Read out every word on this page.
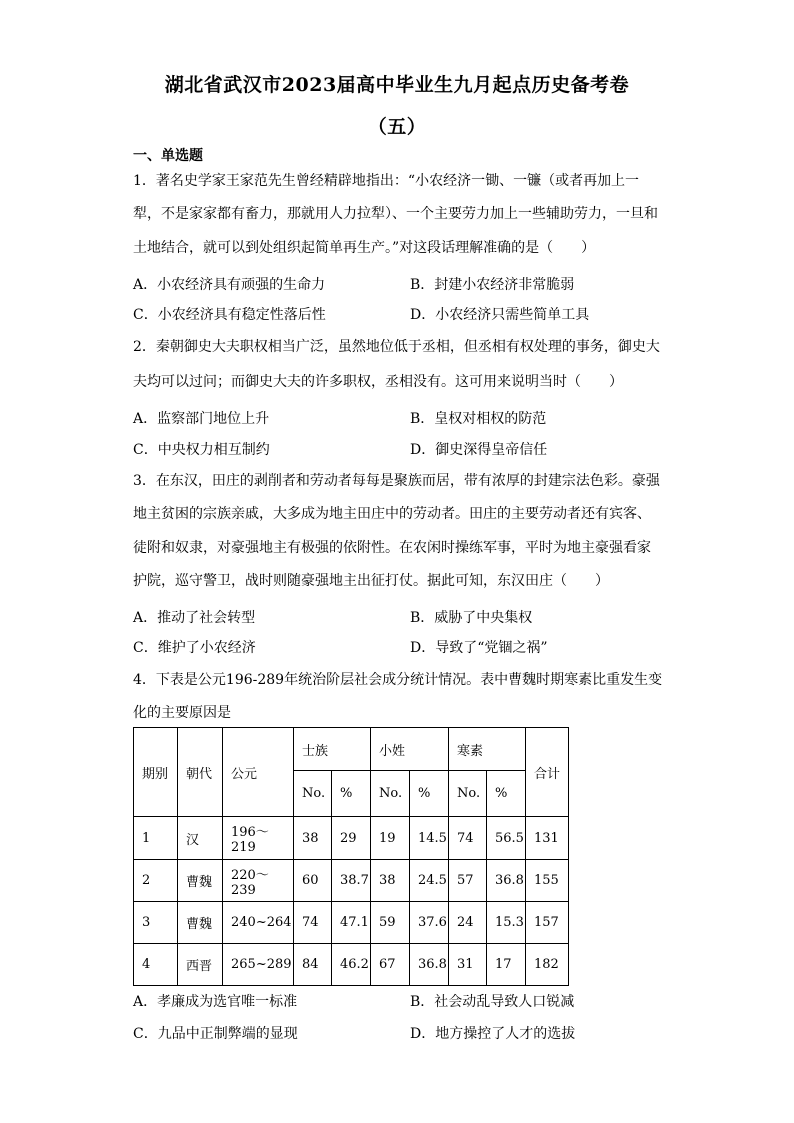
湖北省武汉市2023届高中毕业生九月起点历史备考卷
（五）
一、单选题
1．著名史学家王家范先生曾经精辟地指出：“小农经济一锄、一镰（或者再加上一
犁，不是家家都有畜力，那就用人力拉犁）、一个主要劳力加上一些辅助劳力，一旦和
土地结合，就可以到处组织起简单再生产。”对这段话理解准确的是（　　）
A．小农经济具有顽强的生命力	B．封建小农经济非常脆弱
C．小农经济具有稳定性落后性	D．小农经济只需些简单工具
2．秦朝御史大夫职权相当广泛，虽然地位低于丞相，但丞相有权处理的事务，御史大
夫均可以过问；而御史大夫的许多职权，丞相没有。这可用来说明当时（　　）
A．监察部门地位上升	B．皇权对相权的防范
C．中央权力相互制约	D．御史深得皇帝信任
3．在东汉，田庄的剥削者和劳动者每每是聚族而居，带有浓厚的封建宗法色彩。豪强
地主贫困的宗族亲戚，大多成为地主田庄中的劳动者。田庄的主要劳动者还有宾客、
徒附和奴隶，对豪强地主有极强的依附性。在农闲时操练军事，平时为地主豪强看家
护院，巡守警卫，战时则随豪强地主出征打仗。据此可知，东汉田庄（　　）
A．推动了社会转型	B．威胁了中央集权
C．维护了小农经济	D．导致了“党锢之祸”
4．下表是公元196-289年统治阶层社会成分统计情况。表中曹魏时期寒素比重发生变
化的主要原因是
期别	朝代	公元	士族		小姓		寒素		合计
			No.	%	No.	%	No.	%	
1	汉	196～219	38	29	19	14.5	74	56.5	131
2	曹魏	220～239	60	38.7	38	24.5	57	36.8	155
3	曹魏	240~264	74	47.1	59	37.6	24	15.3	157
4	西晋	265~289	84	46.2	67	36.8	31	17	182
A．孝廉成为选官唯一标准	B．社会动乱导致人口锐减
C．九品中正制弊端的显现	D．地方操控了人才的选拔
